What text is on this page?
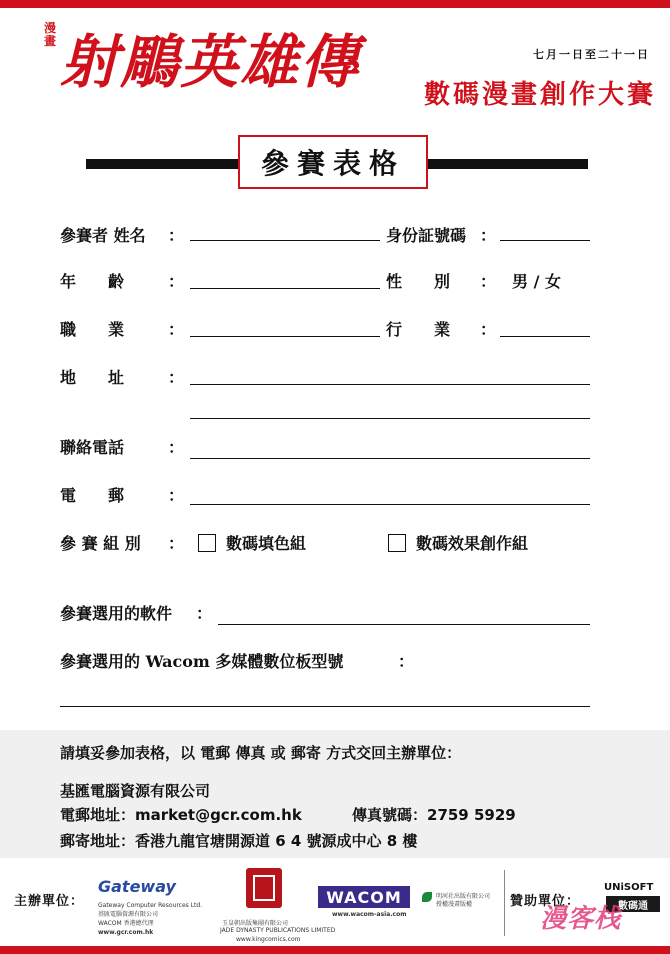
漫畫 射鵰英雄傳	七月一日至二十一日
數碼漫畫創作大賽
參賽表格
參賽者 姓名 ：	身份証號碼 ：
年　　齡	：	性　　別 ： 男 / 女
職　　業	：	行　　業 ：
地　　址	：
聯絡電話	：
電　　郵	：
參 賽 組 別 ：	數碼填色組	數碼效果創作組
參賽選用的軟件 ：
參賽選用的 Wacom 多媒體數位板型號	：
請填妥參加表格，以 電郵 傳真 或 郵寄 方式交回主辦單位：
基匯電腦資源有限公司
電郵地址：market@gcr.com.hk	傳真號碼：2759 5929
郵寄地址：香港九龍官塘開源道 6 4 號源成中心 8 樓
主辦單位：
Gateway
Gateway Computer Resources Ltd.
基匯電腦資源有限公司
WACOM 香港總代理
www.gcr.com.hk
玉皇朝出版集團有限公司
JADE DYNASTY PUBLICATIONS LIMITED
www.kingcomics.com
WACOM
www.wacom-asia.com
明河社出版有限公司
授權漫畫版權	贊助單位：
UNiSOFT
數碼通
漫客栈
